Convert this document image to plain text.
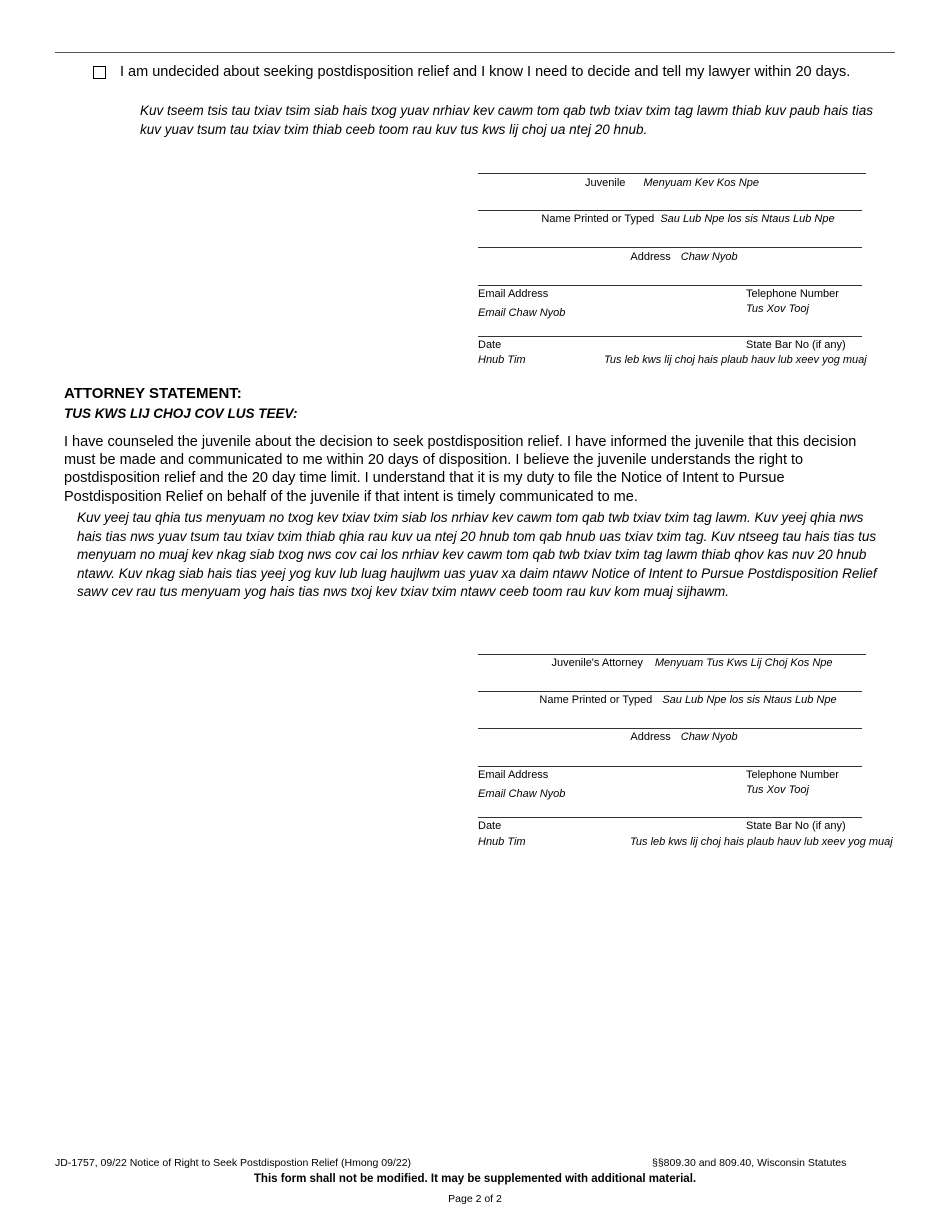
I am undecided about seeking postdisposition relief and I know I need to decide and tell my lawyer within 20 days.
Kuv tseem tsis tau txiav tsim siab hais txog yuav nrhiav kev cawm tom qab twb txiav txim tag lawm thiab kuv paub hais tias kuv yuav tsum tau txiav txim thiab ceeb toom rau kuv tus kws lij choj ua ntej 20 hnub.
Juvenile Menyuam Kev Kos Npe
Name Printed or Typed Sau Lub Npe los sis Ntaus Lub Npe
Address Chaw Nyob
Email Address
Email Chaw Nyob
Telephone Number
Tus Xov Tooj
Date
Hnub Tim
State Bar No (if any)
Tus leb kws lij choj hais plaub hauv lub xeev yog muaj
ATTORNEY STATEMENT:
TUS KWS LIJ CHOJ COV LUS TEEV:
I have counseled the juvenile about the decision to seek postdisposition relief. I have informed the juvenile that this decision must be made and communicated to me within 20 days of disposition. I believe the juvenile understands the right to postdisposition relief and the 20 day time limit. I understand that it is my duty to file the Notice of Intent to Pursue Postdisposition Relief on behalf of the juvenile if that intent is timely communicated to me.
Kuv yeej tau qhia tus menyuam no txog kev txiav txim siab los nrhiav kev cawm tom qab twb txiav txim tag lawm. Kuv yeej qhia nws hais tias nws yuav tsum tau txiav txim thiab qhia rau kuv ua ntej 20 hnub tom qab hnub uas txiav txim tag. Kuv ntseeg tau hais tias tus menyuam no muaj kev nkag siab txog nws cov cai los nrhiav kev cawm tom qab twb txiav txim tag lawm thiab qhov kas nuv 20 hnub ntawv. Kuv nkag siab hais tias yeej yog kuv lub luag haujlwm uas yuav xa daim ntawv Notice of Intent to Pursue Postdisposition Relief sawv cev rau tus menyuam yog hais tias nws txoj kev txiav txim ntawv ceeb toom rau kuv kom muaj sijhawm.
Juvenile's Attorney Menyuam Tus Kws Lij Choj Kos Npe
Name Printed or Typed Sau Lub Npe los sis Ntaus Lub Npe
Address Chaw Nyob
Email Address
Email Chaw Nyob
Telephone Number
Tus Xov Tooj
Date
Hnub Tim
State Bar No (if any)
Tus leb kws lij choj hais plaub hauv lub xeev yog muaj
JD-1757, 09/22 Notice of Right to Seek Postdispostion Relief (Hmong 09/22)	§§809.30 and 809.40, Wisconsin Statutes
This form shall not be modified. It may be supplemented with additional material.
Page 2 of 2
